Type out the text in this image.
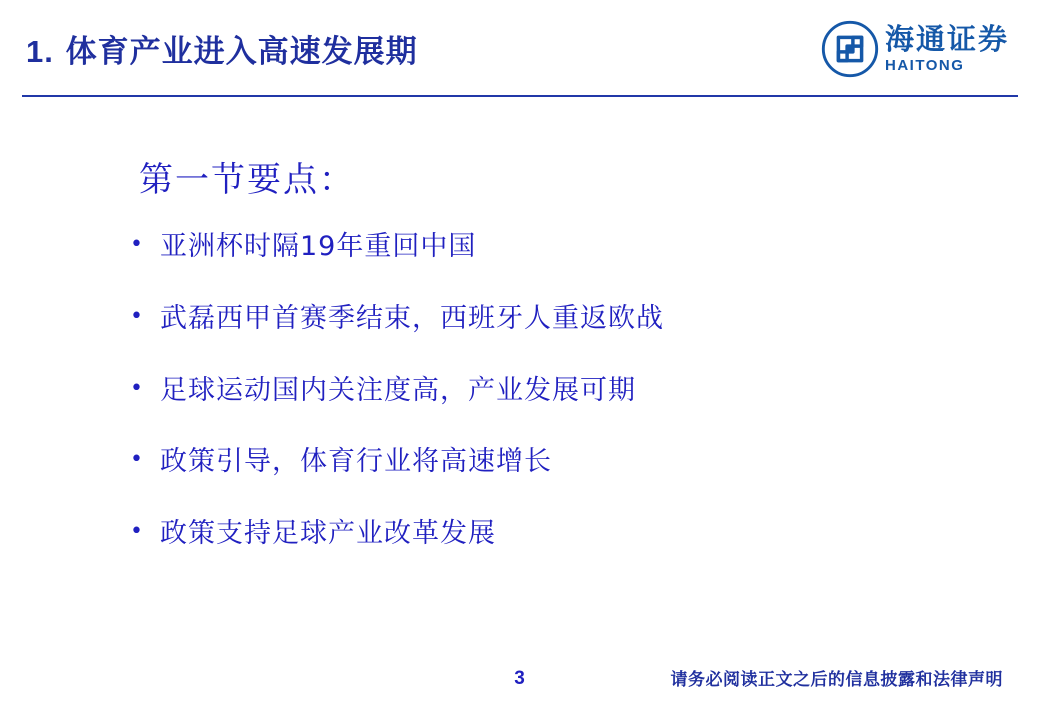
1. 体育产业进入高速发展期	海通证券
HAITONG
第一节要点：
• 亚洲杯时隔19年重回中国
• 武磊西甲首赛季结束，西班牙人重返欧战
• 足球运动国内关注度高，产业发展可期
• 政策引导，体育行业将高速增长
• 政策支持足球产业改革发展
3	请务必阅读正文之后的信息披露和法律声明
